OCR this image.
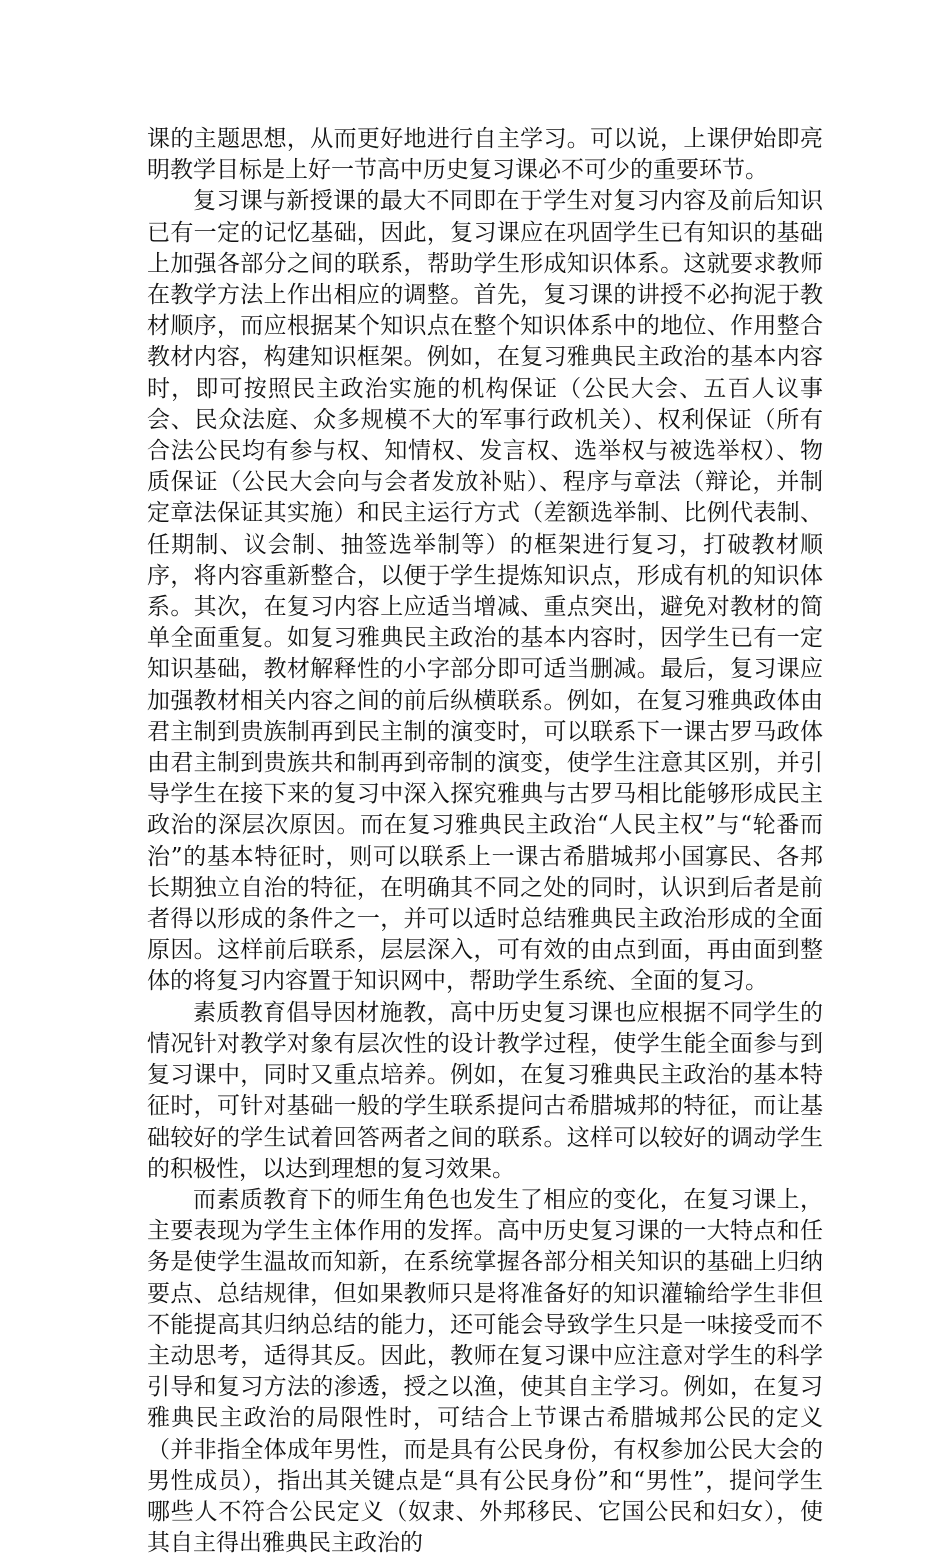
课的主题思想，从而更好地进行自主学习。可以说，上课伊始即亮明教学目标是上好一节高中历史复习课必不可少的重要环节。

复习课与新授课的最大不同即在于学生对复习内容及前后知识已有一定的记忆基础，因此，复习课应在巩固学生已有知识的基础上加强各部分之间的联系，帮助学生形成知识体系。这就要求教师在教学方法上作出相应的调整。首先，复习课的讲授不必拘泥于教材顺序，而应根据某个知识点在整个知识体系中的地位、作用整合教材内容，构建知识框架。例如，在复习雅典民主政治的基本内容时，即可按照民主政治实施的机构保证（公民大会、五百人议事会、民众法庭、众多规模不大的军事行政机关）、权利保证（所有合法公民均有参与权、知情权、发言权、选举权与被选举权）、物质保证（公民大会向与会者发放补贴）、程序与章法（辩论，并制定章法保证其实施）和民主运行方式（差额选举制、比例代表制、任期制、议会制、抽签选举制等）的框架进行复习，打破教材顺序，将内容重新整合，以便于学生提炼知识点，形成有机的知识体系。其次，在复习内容上应适当增减、重点突出，避免对教材的简单全面重复。如复习雅典民主政治的基本内容时，因学生已有一定知识基础，教材解释性的小字部分即可适当删减。最后，复习课应加强教材相关内容之间的前后纵横联系。例如，在复习雅典政体由君主制到贵族制再到民主制的演变时，可以联系下一课古罗马政体由君主制到贵族共和制再到帝制的演变，使学生注意其区别，并引导学生在接下来的复习中深入探究雅典与古罗马相比能够形成民主政治的深层次原因。而在复习雅典民主政治“人民主权”与“轮番而治”的基本特征时，则可以联系上一课古希腊城邦小国寡民、各邦长期独立自治的特征，在明确其不同之处的同时，认识到后者是前者得以形成的条件之一，并可以适时总结雅典民主政治形成的全面原因。这样前后联系，层层深入，可有效的由点到面，再由面到整体的将复习内容置于知识网中，帮助学生系统、全面的复习。

素质教育倡导因材施教，高中历史复习课也应根据不同学生的情况针对教学对象有层次性的设计教学过程，使学生能全面参与到复习课中，同时又重点培养。例如，在复习雅典民主政治的基本特征时，可针对基础一般的学生联系提问古希腊城邦的特征，而让基础较好的学生试着回答两者之间的联系。这样可以较好的调动学生的积极性，以达到理想的复习效果。

而素质教育下的师生角色也发生了相应的变化，在复习课上，主要表现为学生主体作用的发挥。高中历史复习课的一大特点和任务是使学生温故而知新，在系统掌握各部分相关知识的基础上归纳要点、总结规律，但如果教师只是将准备好的知识灌输给学生非但不能提高其归纳总结的能力，还可能会导致学生只是一味接受而不主动思考，适得其反。因此，教师在复习课中应注意对学生的科学引导和复习方法的渗透，授之以渔，使其自主学习。例如，在复习雅典民主政治的局限性时，可结合上节课古希腊城邦公民的定义（并非指全体成年男性，而是具有公民身份，有权参加公民大会的男性成员），指出其关键点是“具有公民身份”和“男性”，提问学生哪些人不符合公民定义（奴隶、外邦移民、它国公民和妇女），使其自主得出雅典民主政治的
